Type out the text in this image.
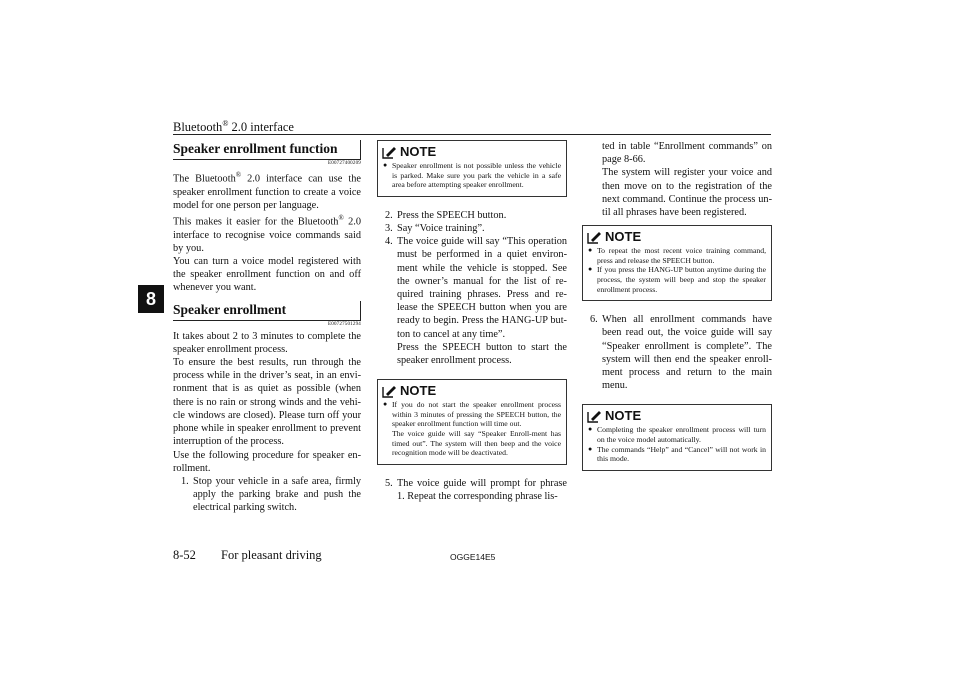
Bluetooth® 2.0 interface
8
Speaker enrollment function

E00727400209

The Bluetooth® 2.0 interface can use the speaker enrollment function to create a voice model for one person per language.

This makes it easier for the Bluetooth® 2.0 interface to recognise voice commands said by you.

You can turn a voice model registered with the speaker enrollment function on and off whenever you want.

Speaker enrollment

E00727501294

It takes about 2 to 3 minutes to complete the speaker enrollment process.

To ensure the best results, run through the process while in the driver’s seat, in an envi-ronment that is as quiet as possible (when there is no rain or strong winds and the vehi-cle windows are closed). Please turn off your phone while in speaker enrollment to prevent interruption of the process.

Use the following procedure for speaker en-rollment.

1. Stop your vehicle in a safe area, firmly apply the parking brake and push the electrical parking switch.
NOTE
● Speaker enrollment is not possible unless the vehicle is parked. Make sure you park the vehicle in a safe area before attempting speaker enrollment.
2. Press the SPEECH button.
3. Say “Voice training”.
4. The voice guide will say “This operation must be performed in a quiet environ-ment while the vehicle is stopped. See the owner’s manual for the list of re-quired training phrases. Press and re-lease the SPEECH button when you are ready to begin. Press the HANG-UP but-ton to cancel at any time”.

Press the SPEECH button to start the speaker enrollment process.

NOTE
● If you do not start the speaker enrollment process within 3 minutes of pressing the SPEECH button, the speaker enrollment function will time out.
The voice guide will say “Speaker Enroll-ment has timed out”. The system will then beep and the voice recognition mode will be deactivated.
5. The voice guide will prompt for phrase 1. Repeat the corresponding phrase lis-

ted in table “Enrollment commands” on page 8-66.

The system will register your voice and then move on to the registration of the next command. Continue the process un-til all phrases have been registered.

NOTE
● To repeat the most recent voice training command, press and release the SPEECH button.
● If you press the HANG-UP button anytime during the process, the system will beep and stop the speaker enrollment process.
6. When all enrollment commands have been read out, the voice guide will say “Speaker enrollment is complete”. The system will then end the speaker enroll-ment process and return to the main menu.
NOTE
● Completing the speaker enrollment process will turn on the voice model automatically.
● The commands “Help” and “Cancel” will not work in this mode.
8-52 For pleasant driving	OGGE14E5
